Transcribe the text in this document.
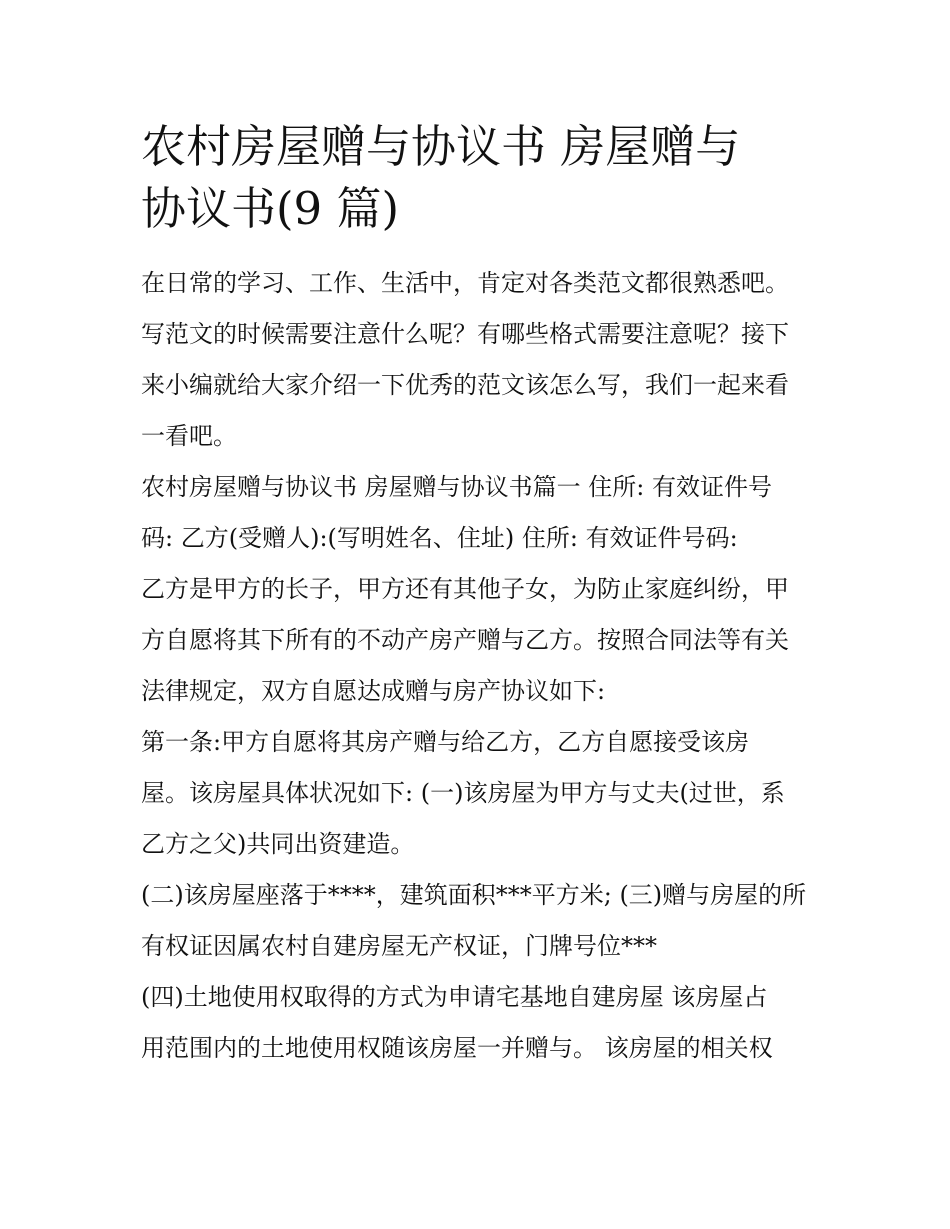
农村房屋赠与协议书 房屋赠与
协议书(9 篇)
在日常的学习、工作、生活中，肯定对各类范文都很熟悉吧。
写范文的时候需要注意什么呢？有哪些格式需要注意呢？接下
来小编就给大家介绍一下优秀的范文该怎么写，我们一起来看
一看吧。
农村房屋赠与协议书 房屋赠与协议书篇一 住所: 有效证件号
码: 乙方(受赠人):(写明姓名、住址) 住所: 有效证件号码:
乙方是甲方的长子，甲方还有其他子女，为防止家庭纠纷，甲
方自愿将其下所有的不动产房产赠与乙方。按照合同法等有关
法律规定，双方自愿达成赠与房产协议如下:
第一条:甲方自愿将其房产赠与给乙方，乙方自愿接受该房
屋。该房屋具体状况如下: (一)该房屋为甲方与丈夫(过世，系
乙方之父)共同出资建造。
(二)该房屋座落于****，建筑面积***平方米; (三)赠与房屋的所
有权证因属农村自建房屋无产权证，门牌号位***
(四)土地使用权取得的方式为申请宅基地自建房屋 该房屋占
用范围内的土地使用权随该房屋一并赠与。 该房屋的相关权
